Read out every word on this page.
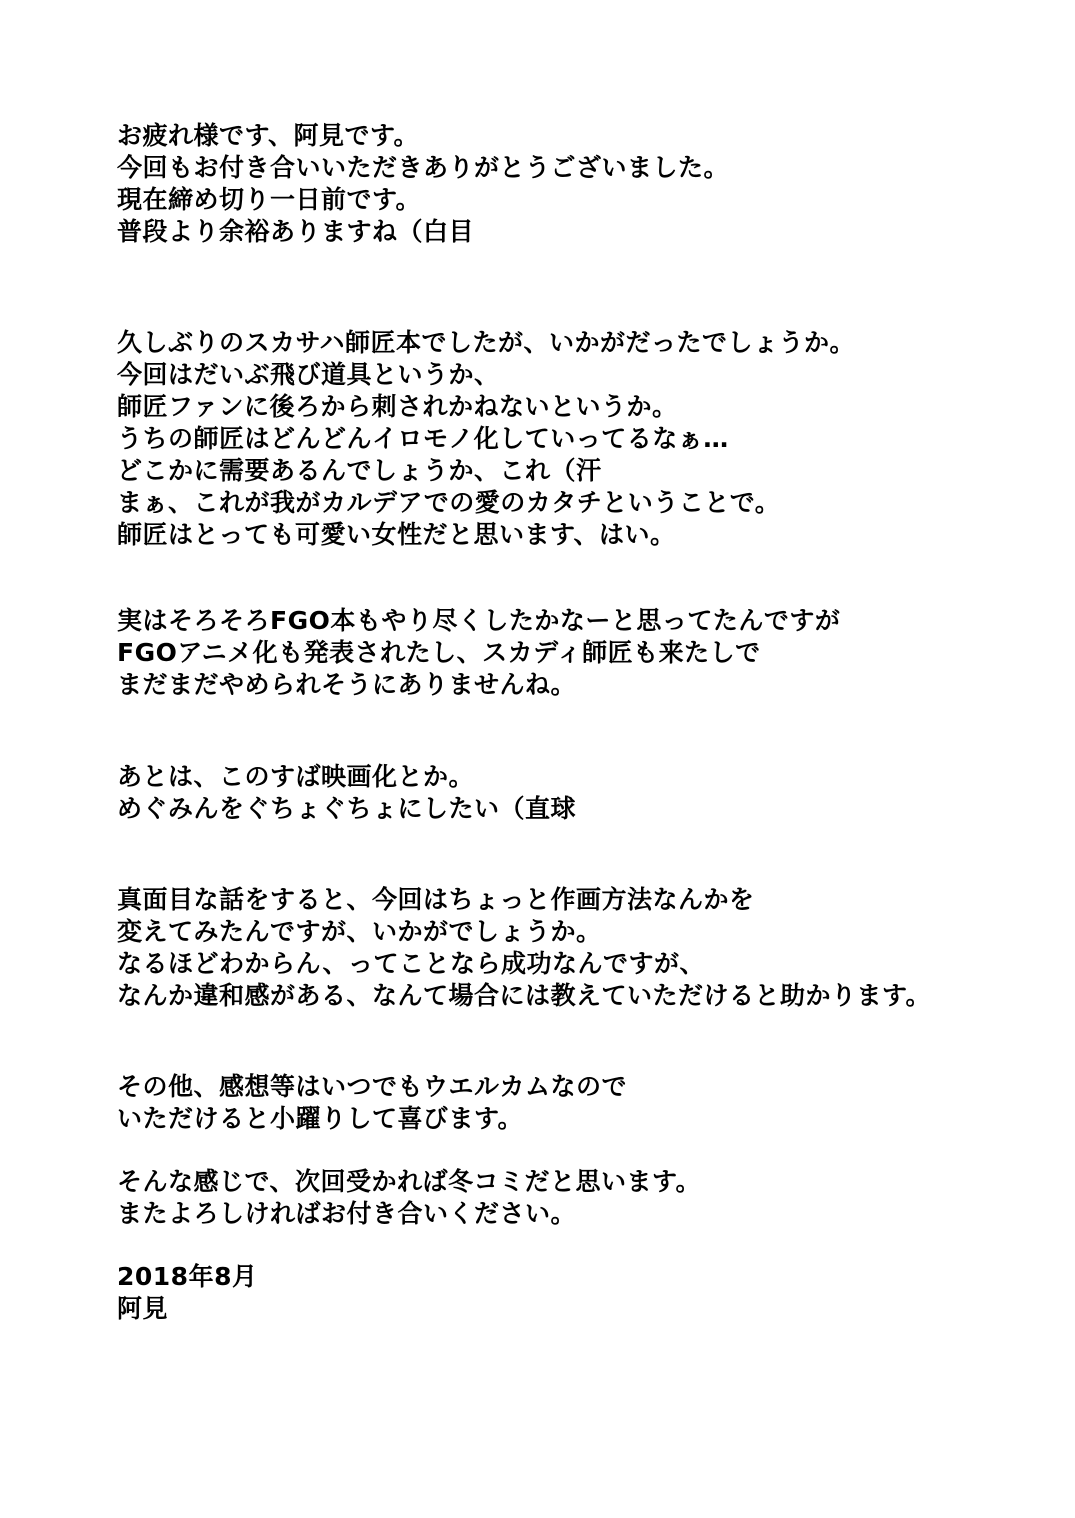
お疲れ様です、阿見です。
今回もお付き合いいただきありがとうございました。
現在締め切り一日前です。
普段より余裕ありますね（白目
久しぶりのスカサハ師匠本でしたが、いかがだったでしょうか。
今回はだいぶ飛び道具というか、
師匠ファンに後ろから刺されかねないというか。
うちの師匠はどんどんイロモノ化していってるなぁ…
どこかに需要あるんでしょうか、これ（汗
まぁ、これが我がカルデアでの愛のカタチということで。
師匠はとっても可愛い女性だと思います、はい。
実はそろそろFGO本もやり尽くしたかなーと思ってたんですが
FGOアニメ化も発表されたし、スカディ師匠も来たしで
まだまだやめられそうにありませんね。
あとは、このすば映画化とか。
めぐみんをぐちょぐちょにしたい（直球
真面目な話をすると、今回はちょっと作画方法なんかを
変えてみたんですが、いかがでしょうか。
なるほどわからん、ってことなら成功なんですが、
なんか違和感がある、なんて場合には教えていただけると助かります。
その他、感想等はいつでもウエルカムなので
いただけると小躍りして喜びます。
そんな感じで、次回受かれば冬コミだと思います。
またよろしければお付き合いください。
2018年8月
阿見
